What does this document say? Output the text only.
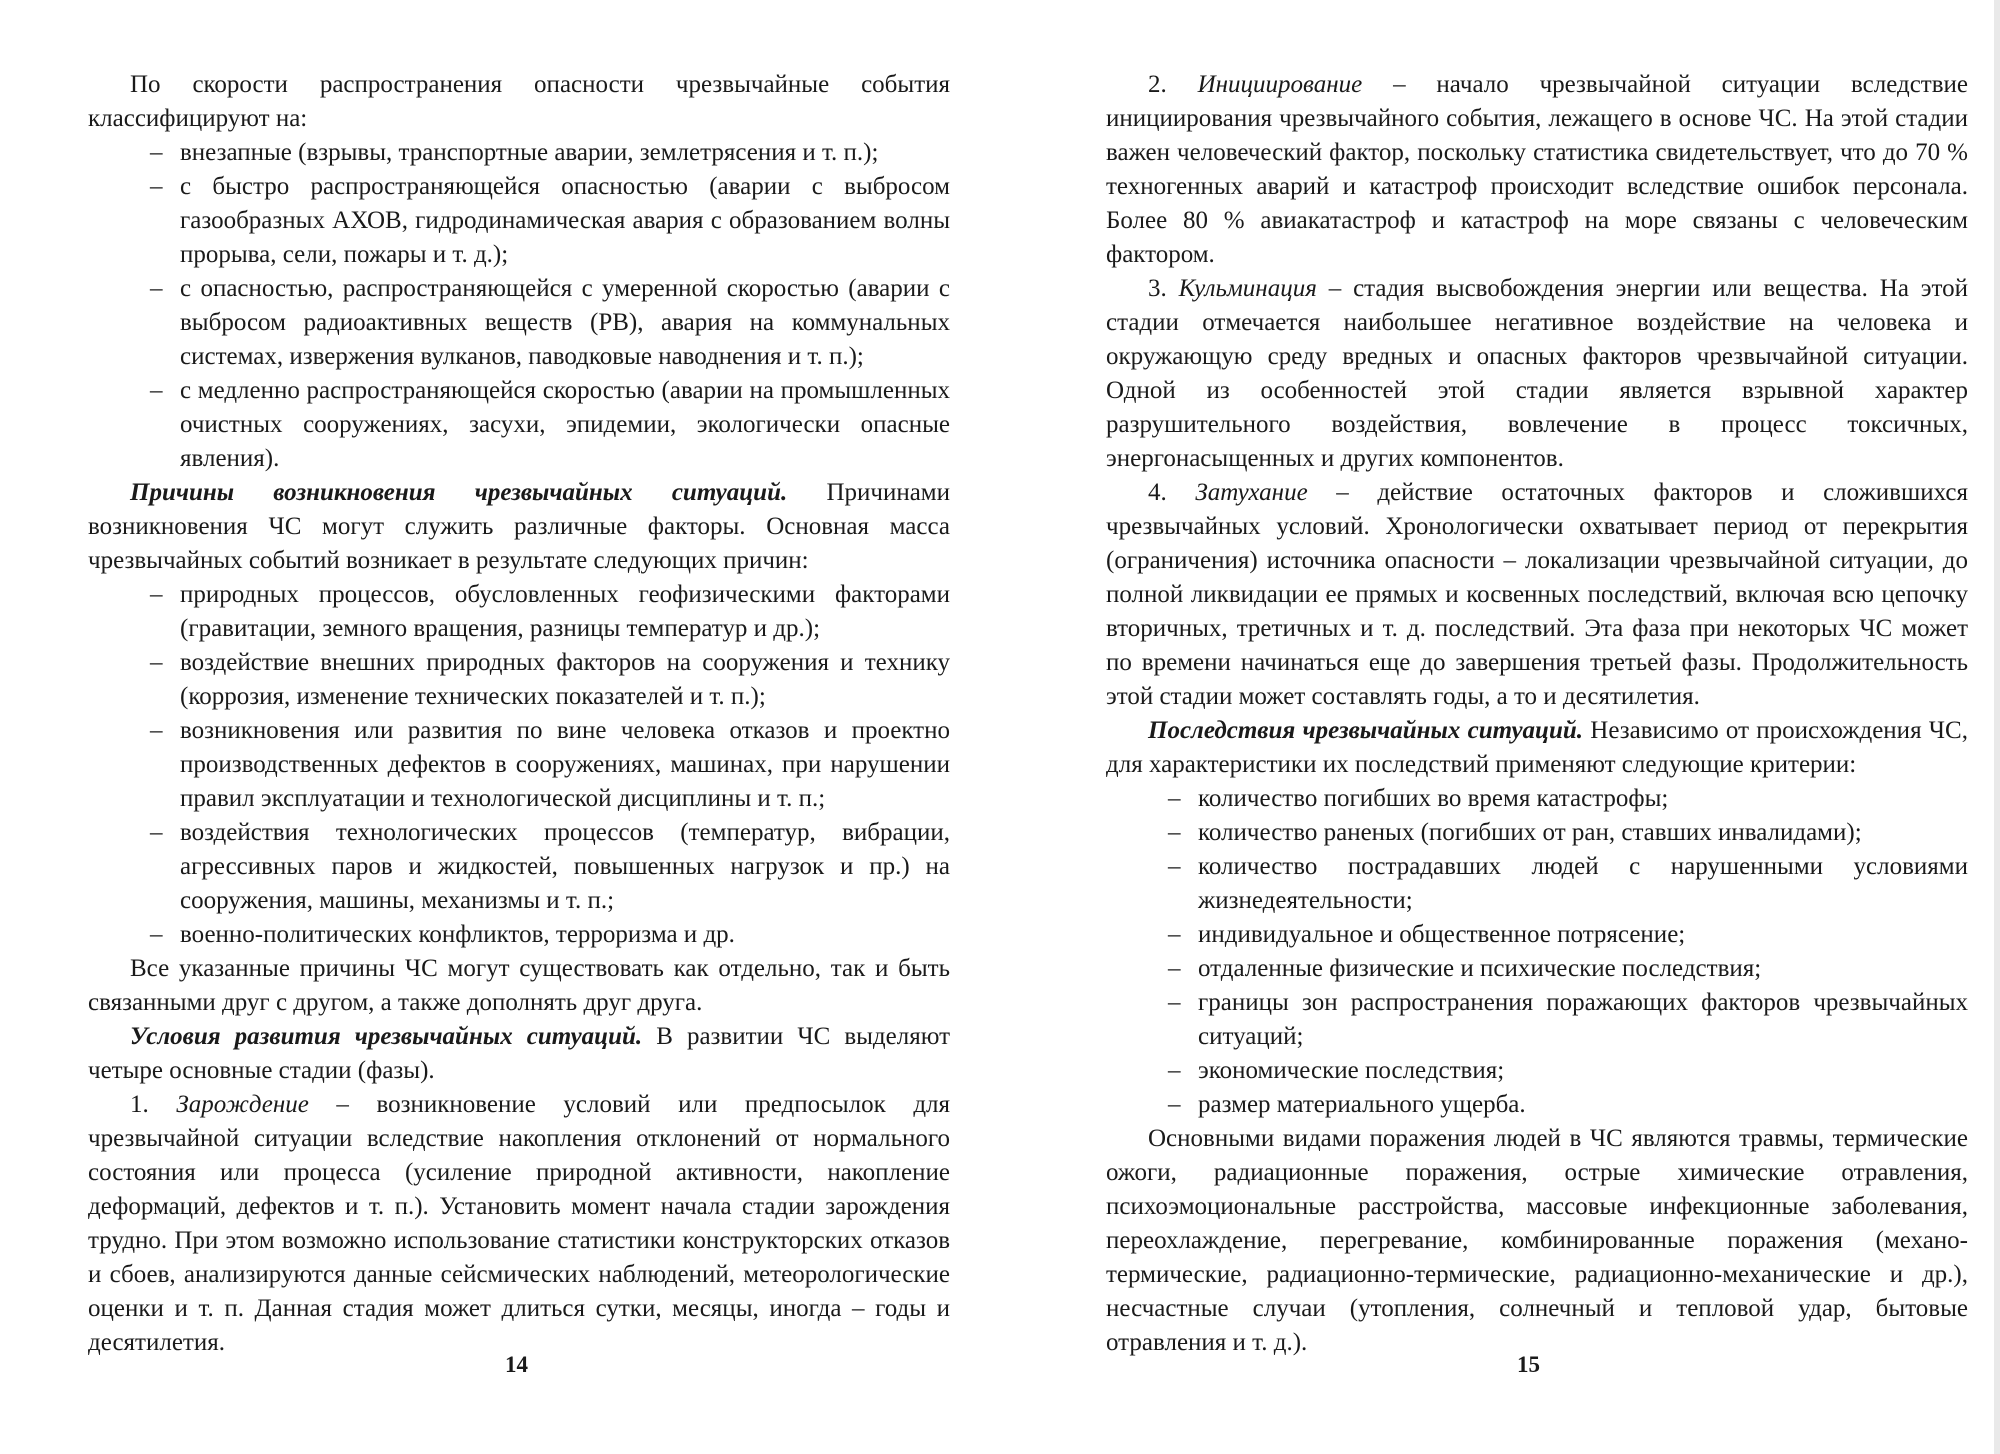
По скорости распространения опасности чрезвычайные события классифицируют на:

– внезапные (взрывы, транспортные аварии, землетрясения и т. п.);
– с быстро распространяющейся опасностью (аварии с выбросом газообразных АХОВ, гидродинамическая авария с образованием волны прорыва, сели, пожары и т. д.);
– с опасностью, распространяющейся с умеренной скоростью (аварии с выбросом радиоактивных веществ (РВ), авария на коммунальных системах, извержения вулканов, паводковые наводнения и т. п.);
– с медленно распространяющейся скоростью (аварии на промышленных очистных сооружениях, засухи, эпидемии, экологически опасные явления).

Причины возникновения чрезвычайных ситуаций. Причинами возникновения ЧС могут служить различные факторы. Основная масса чрезвычайных событий возникает в результате следующих причин:

– природных процессов, обусловленных геофизическими факторами (гравитации, земного вращения, разницы температур и др.);
– воздействие внешних природных факторов на сооружения и технику (коррозия, изменение технических показателей и т. п.);
– возникновения или развития по вине человека отказов и проектно производственных дефектов в сооружениях, машинах, при нарушении правил эксплуатации и технологической дисциплины и т. п.;
– воздействия технологических процессов (температур, вибрации, агрессивных паров и жидкостей, повышенных нагрузок и пр.) на сооружения, машины, механизмы и т. п.;
– военно-политических конфликтов, терроризма и др.

Все указанные причины ЧС могут существовать как отдельно, так и быть связанными друг с другом, а также дополнять друг друга.

Условия развития чрезвычайных ситуаций. В развитии ЧС выделяют четыре основные стадии (фазы).

1. Зарождение – возникновение условий или предпосылок для чрезвычайной ситуации вследствие накопления отклонений от нормального состояния или процесса (усиление природной активности, накопление деформаций, дефектов и т. п.). Установить момент начала стадии зарождения трудно. При этом возможно использование статистики конструкторских отказов и сбоев, анализируются данные сейсмических наблюдений, метеорологические оценки и т. п. Данная стадия может длиться сутки, месяцы, иногда – годы и десятилетия.

14

2. Инициирование – начало чрезвычайной ситуации вследствие инициирования чрезвычайного события, лежащего в основе ЧС. На этой стадии важен человеческий фактор, поскольку статистика свидетельствует, что до 70 % техногенных аварий и катастроф происходит вследствие ошибок персонала. Более 80 % авиакатастроф и катастроф на море связаны с человеческим фактором.

3. Кульминация – стадия высвобождения энергии или вещества. На этой стадии отмечается наибольшее негативное воздействие на человека и окружающую среду вредных и опасных факторов чрезвычайной ситуации. Одной из особенностей этой стадии является взрывной характер разрушительного воздействия, вовлечение в процесс токсичных, энергонасыщенных и других компонентов.

4. Затухание – действие остаточных факторов и сложившихся чрезвычайных условий. Хронологически охватывает период от перекрытия (ограничения) источника опасности – локализации чрезвычайной ситуации, до полной ликвидации ее прямых и косвенных последствий, включая всю цепочку вторичных, третичных и т. д. последствий. Эта фаза при некоторых ЧС может по времени начинаться еще до завершения третьей фазы. Продолжительность этой стадии может составлять годы, а то и десятилетия.

Последствия чрезвычайных ситуаций. Независимо от происхождения ЧС, для характеристики их последствий применяют следующие критерии:

– количество погибших во время катастрофы;
– количество раненых (погибших от ран, ставших инвалидами);
– количество пострадавших людей с нарушенными условиями жизнедеятельности;
– индивидуальное и общественное потрясение;
– отдаленные физические и психические последствия;
– границы зон распространения поражающих факторов чрезвычайных ситуаций;
– экономические последствия;
– размер материального ущерба.

Основными видами поражения людей в ЧС являются травмы, термические ожоги, радиационные поражения, острые химические отравления, психоэмоциональные расстройства, массовые инфекционные заболевания, переохлаждение, перегревание, комбинированные поражения (механо-термические, радиационно-термические, радиационно-механические и др.), несчастные случаи (утопления, солнечный и тепловой удар, бытовые отравления и т. д.).

15
